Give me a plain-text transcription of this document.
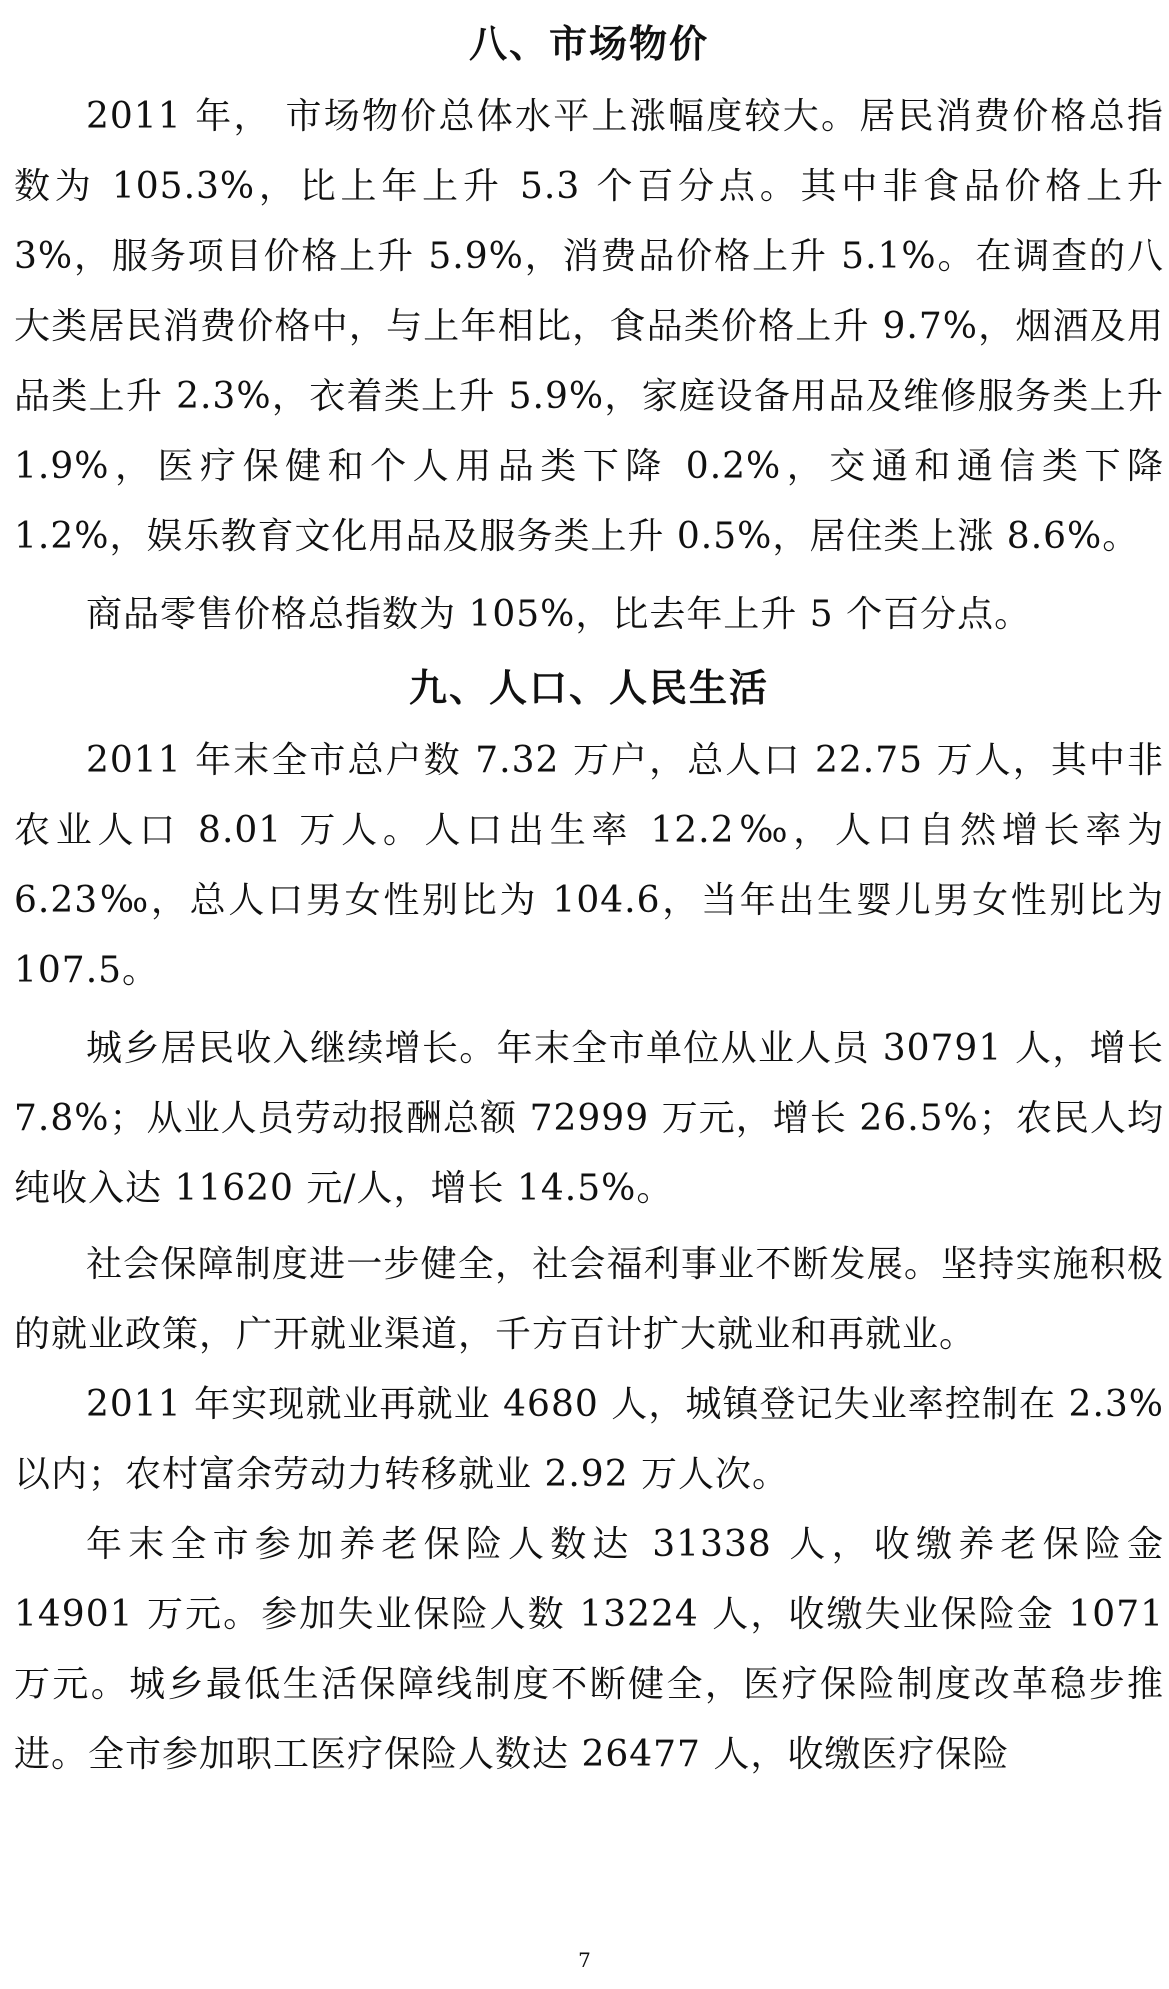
八、市场物价

2011 年， 市场物价总体水平上涨幅度较大。居民消费价格总指数为 105.3%，比上年上升 5.3 个百分点。其中非食品价格上升 3%，服务项目价格上升 5.9%，消费品价格上升 5.1%。在调查的八大类居民消费价格中，与上年相比，食品类价格上升 9.7%，烟酒及用品类上升 2.3%，衣着类上升 5.9%，家庭设备用品及维修服务类上升 1.9%，医疗保健和个人用品类下降 0.2%，交通和通信类下降 1.2%，娱乐教育文化用品及服务类上升 0.5%，居住类上涨 8.6%。

商品零售价格总指数为 105%，比去年上升 5 个百分点。

九、人口、人民生活

2011 年末全市总户数 7.32 万户，总人口 22.75 万人，其中非农业人口 8.01 万人。人口出生率 12.2‰，人口自然增长率为 6.23‰，总人口男女性别比为 104.6，当年出生婴儿男女性别比为 107.5。

城乡居民收入继续增长。年末全市单位从业人员 30791 人，增长 7.8%；从业人员劳动报酬总额 72999 万元，增长 26.5%；农民人均纯收入达 11620 元/人，增长 14.5%。

社会保障制度进一步健全，社会福利事业不断发展。坚持实施积极的就业政策，广开就业渠道，千方百计扩大就业和再就业。

2011 年实现就业再就业 4680 人，城镇登记失业率控制在 2.3%以内；农村富余劳动力转移就业 2.92 万人次。

年末全市参加养老保险人数达 31338 人，收缴养老保险金 14901 万元。参加失业保险人数 13224 人，收缴失业保险金 1071 万元。城乡最低生活保障线制度不断健全，医疗保险制度改革稳步推进。全市参加职工医疗保险人数达 26477 人，收缴医疗保险

7
